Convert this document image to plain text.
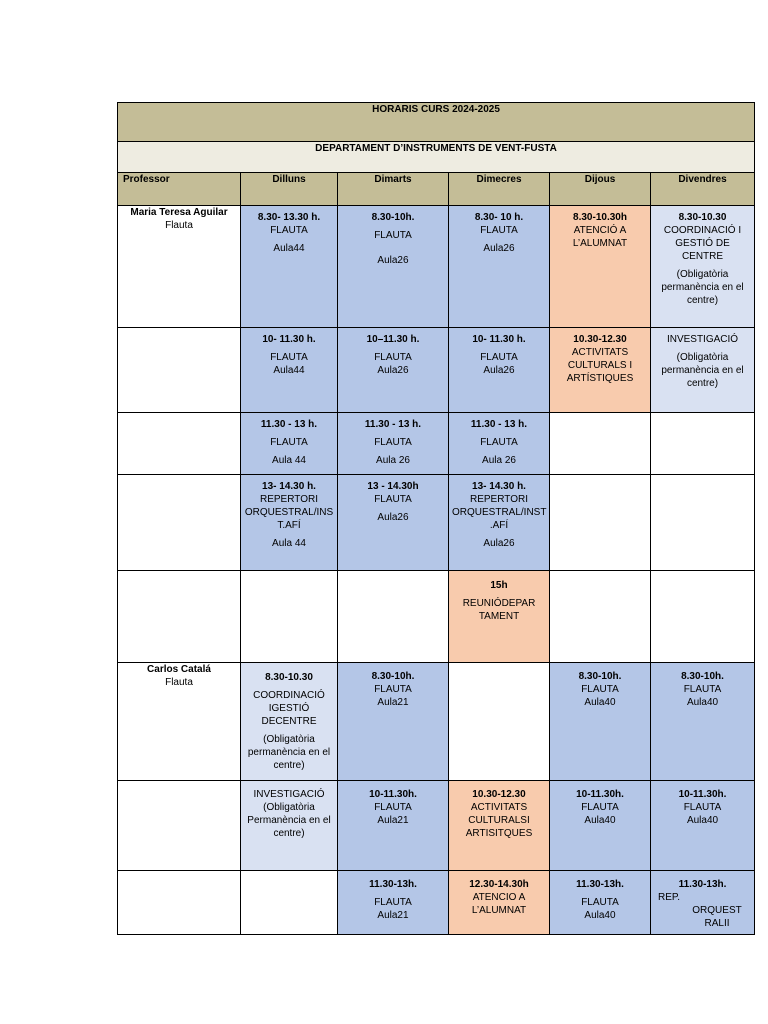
HORARIS CURS 2024-2025					
DEPARTAMENT D’INSTRUMENTS DE VENT-FUSTA					
Professor	Dilluns	Dimarts	Dimecres	Dijous	Divendres

Maria Teresa Aguilar
Flauta	8.30- 13.30 h.
FLAUTA
Aula44	8.30-10h.
FLAUTA
Aula26	8.30- 10 h.
FLAUTA
Aula26	8.30-10.30h
ATENCIÓ A L’ALUMNAT	8.30-10.30
COORDINACIÓ I GESTIÓ DE CENTRE
(Obligatòria permanència en el centre)

	10- 11.30 h.
FLAUTA
Aula44	10–11.30 h.
FLAUTA
Aula26	10- 11.30 h.
FLAUTA
Aula26	10.30-12.30
ACTIVITATS CULTURALS I ARTÍSTIQUES	INVESTIGACIÓ
(Obligatòria permanència en el centre)

	11.30 - 13 h.
FLAUTA
Aula 44	11.30 - 13 h.
FLAUTA
Aula 26	11.30 - 13 h.
FLAUTA
Aula 26		

	13- 14.30 h.
REPERTORI ORQUESTRAL/INS T.AFÍ
Aula 44	13 - 14.30h
FLAUTA
Aula26	13- 14.30 h.
REPERTORI ORQUESTRAL/INST .AFÍ
Aula26		

			15h
REUNIÓDEPAR TAMENT		

Carlos Catalá
Flauta	8.30-10.30
COORDINACIÓ IGESTIÓ DECENTRE
(Obligatòria permanència en el centre)	8.30-10h.
FLAUTA
Aula21		8.30-10h.
FLAUTA
Aula40	8.30-10h.
FLAUTA
Aula40

	INVESTIGACIÓ
(Obligatòria Permanència en el centre)	10-11.30h.
FLAUTA
Aula21	10.30-12.30
ACTIVITATS CULTURALSI ARTISITQUES	10-11.30h.
FLAUTA
Aula40	10-11.30h.
FLAUTA
Aula40

		11.30-13h.
FLAUTA
Aula21	12.30-14.30h
ATENCIO A L’ALUMNAT	11.30-13h.
FLAUTA
Aula40	11.30-13h.
REP.
ORQUEST RALII
